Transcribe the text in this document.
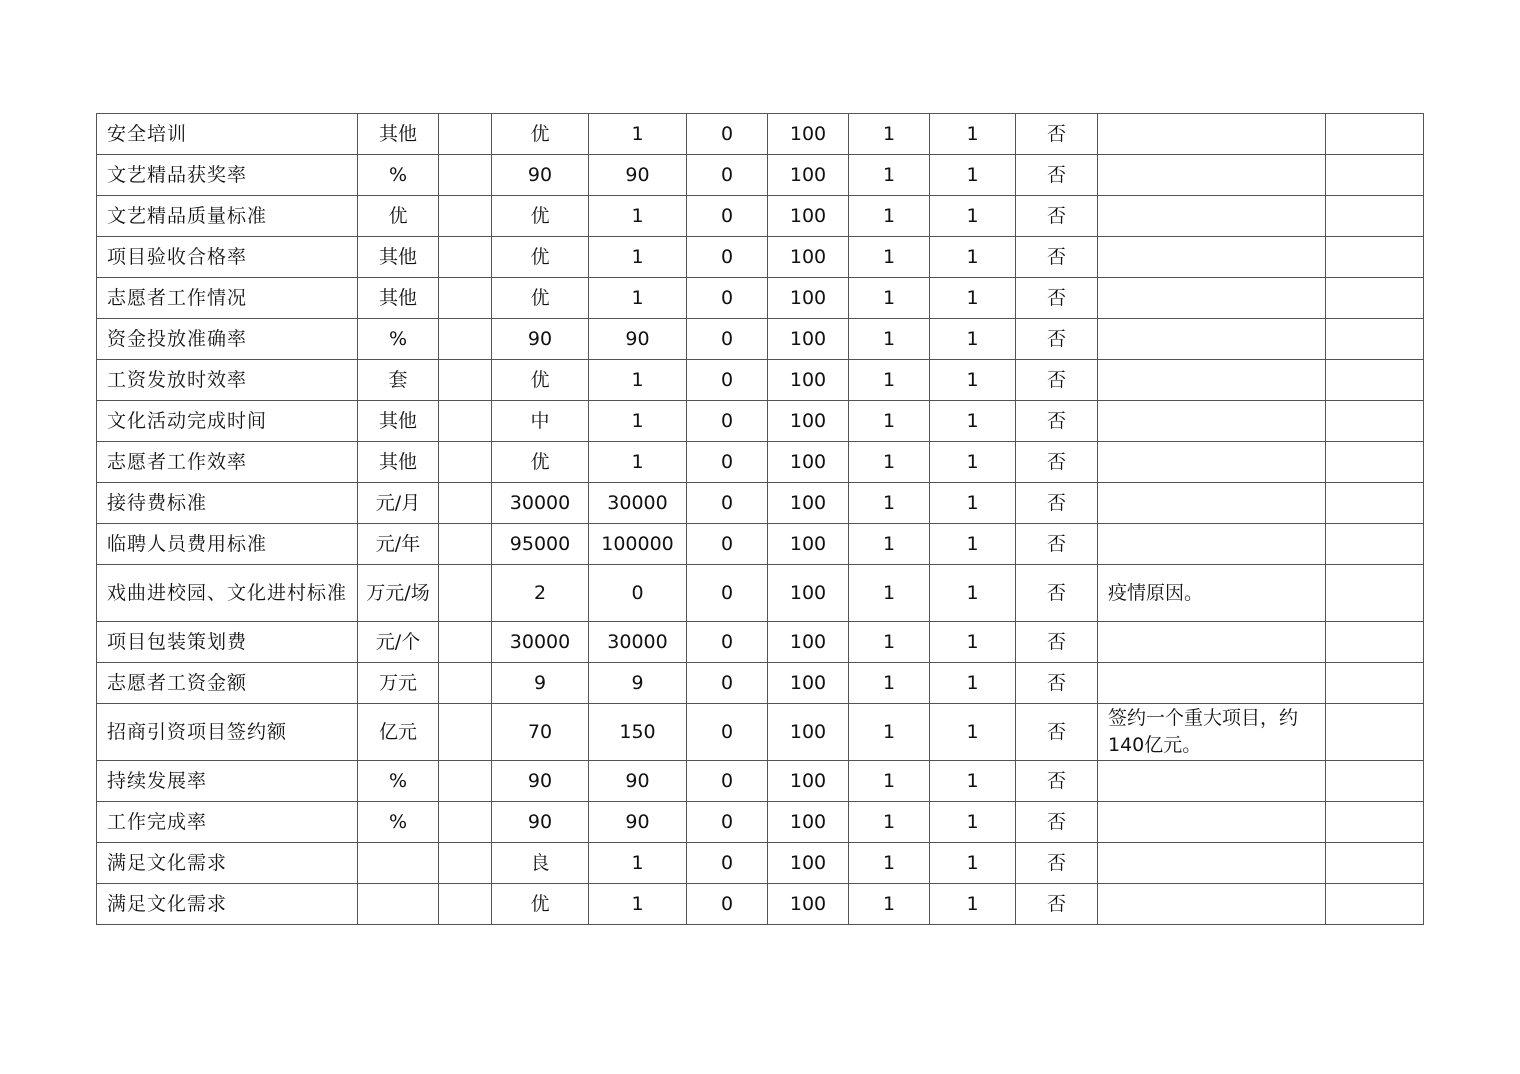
安全培训	其他		优	1	0	100	1	1	否		
文艺精品获奖率	%		90	90	0	100	1	1	否		
文艺精品质量标准	优		优	1	0	100	1	1	否		
项目验收合格率	其他		优	1	0	100	1	1	否		
志愿者工作情况	其他		优	1	0	100	1	1	否		
资金投放准确率	%		90	90	0	100	1	1	否		
工资发放时效率	套		优	1	0	100	1	1	否		
文化活动完成时间	其他		中	1	0	100	1	1	否		
志愿者工作效率	其他		优	1	0	100	1	1	否		
接待费标准	元/月		30000	30000	0	100	1	1	否		
临聘人员费用标准	元/年		95000	100000	0	100	1	1	否		
戏曲进校园、文化进村标准	万元/场		2	0	0	100	1	1	否	疫情原因。	
项目包装策划费	元/个		30000	30000	0	100	1	1	否		
志愿者工资金额	万元		9	9	0	100	1	1	否		
招商引资项目签约额	亿元		70	150	0	100	1	1	否	签约一个重大项目，约140亿元。	
持续发展率	%		90	90	0	100	1	1	否		
工作完成率	%		90	90	0	100	1	1	否		
满足文化需求			良	1	0	100	1	1	否		
满足文化需求			优	1	0	100	1	1	否		
